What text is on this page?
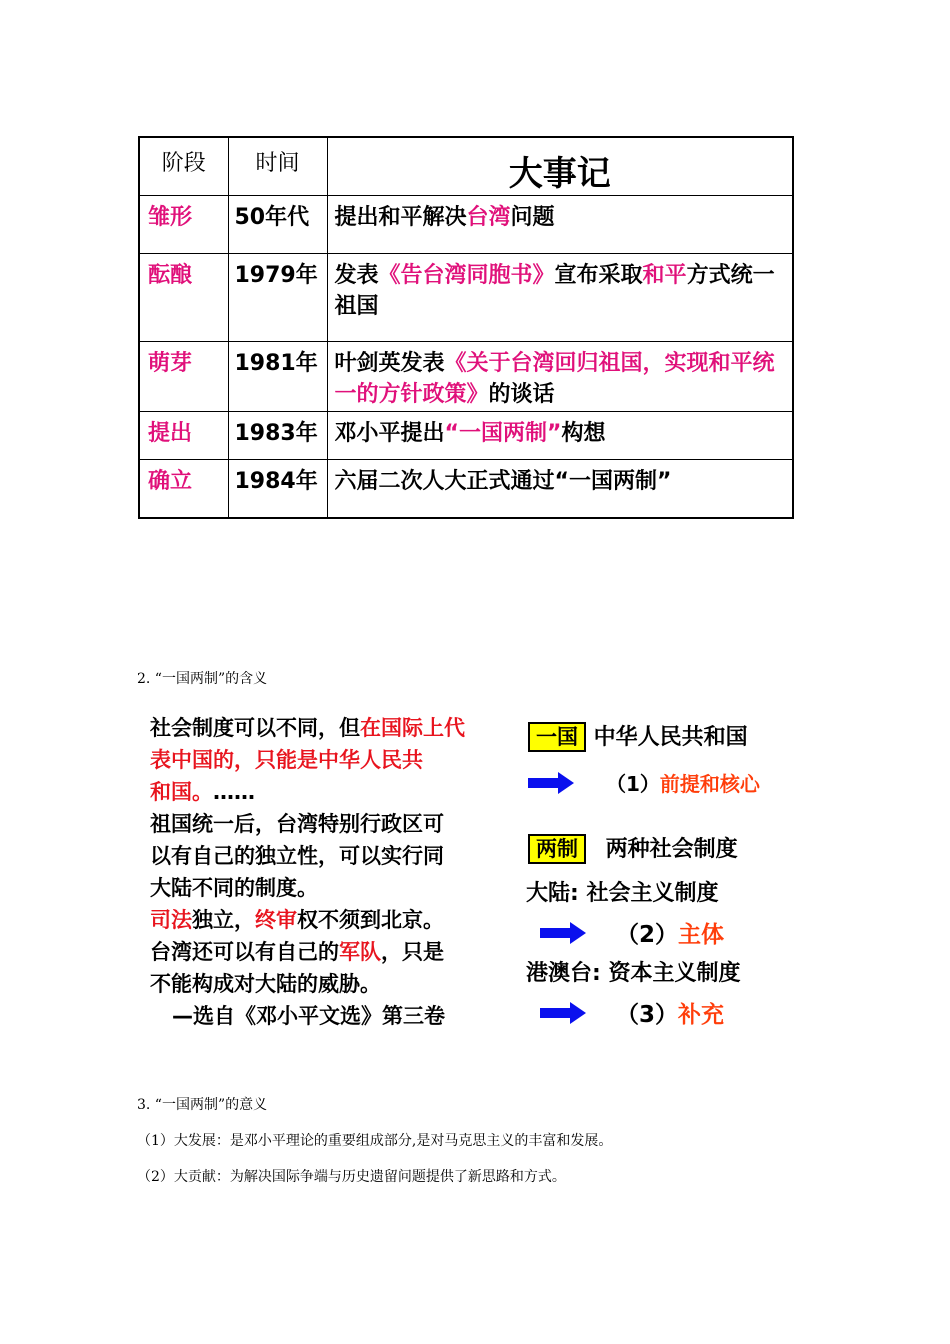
阶段	时间	大事记
雏形	50年代	提出和平解决台湾问题
酝酿	1979年	发表《告台湾同胞书》宣布采取和平方式统一祖国
萌芽	1981年	叶剑英发表《关于台湾回归祖国，实现和平统一的方针政策》的谈话
提出	1983年	邓小平提出“一国两制”构想
确立	1984年	六届二次人大正式通过“一国两制”
2. “一国两制”的含义
社会制度可以不同，但在国际上代
表中国的，只能是中华人民共
和国。……
祖国统一后，台湾特别行政区可
以有自己的独立性，可以实行同
大陆不同的制度。
司法独立，终审权不须到北京。
台湾还可以有自己的军队，只是
不能构成对大陆的威胁。
—选自《邓小平文选》第三卷
一国 中华人民共和国
（1）前提和核心
两制 两种社会制度
大陆: 社会主义制度
（2）主体
港澳台: 资本主义制度
（3）补充
3. “一国两制”的意义
（1）大发展：是邓小平理论的重要组成部分,是对马克思主义的丰富和发展。
（2）大贡献：为解决国际争端与历史遗留问题提供了新思路和方式。
